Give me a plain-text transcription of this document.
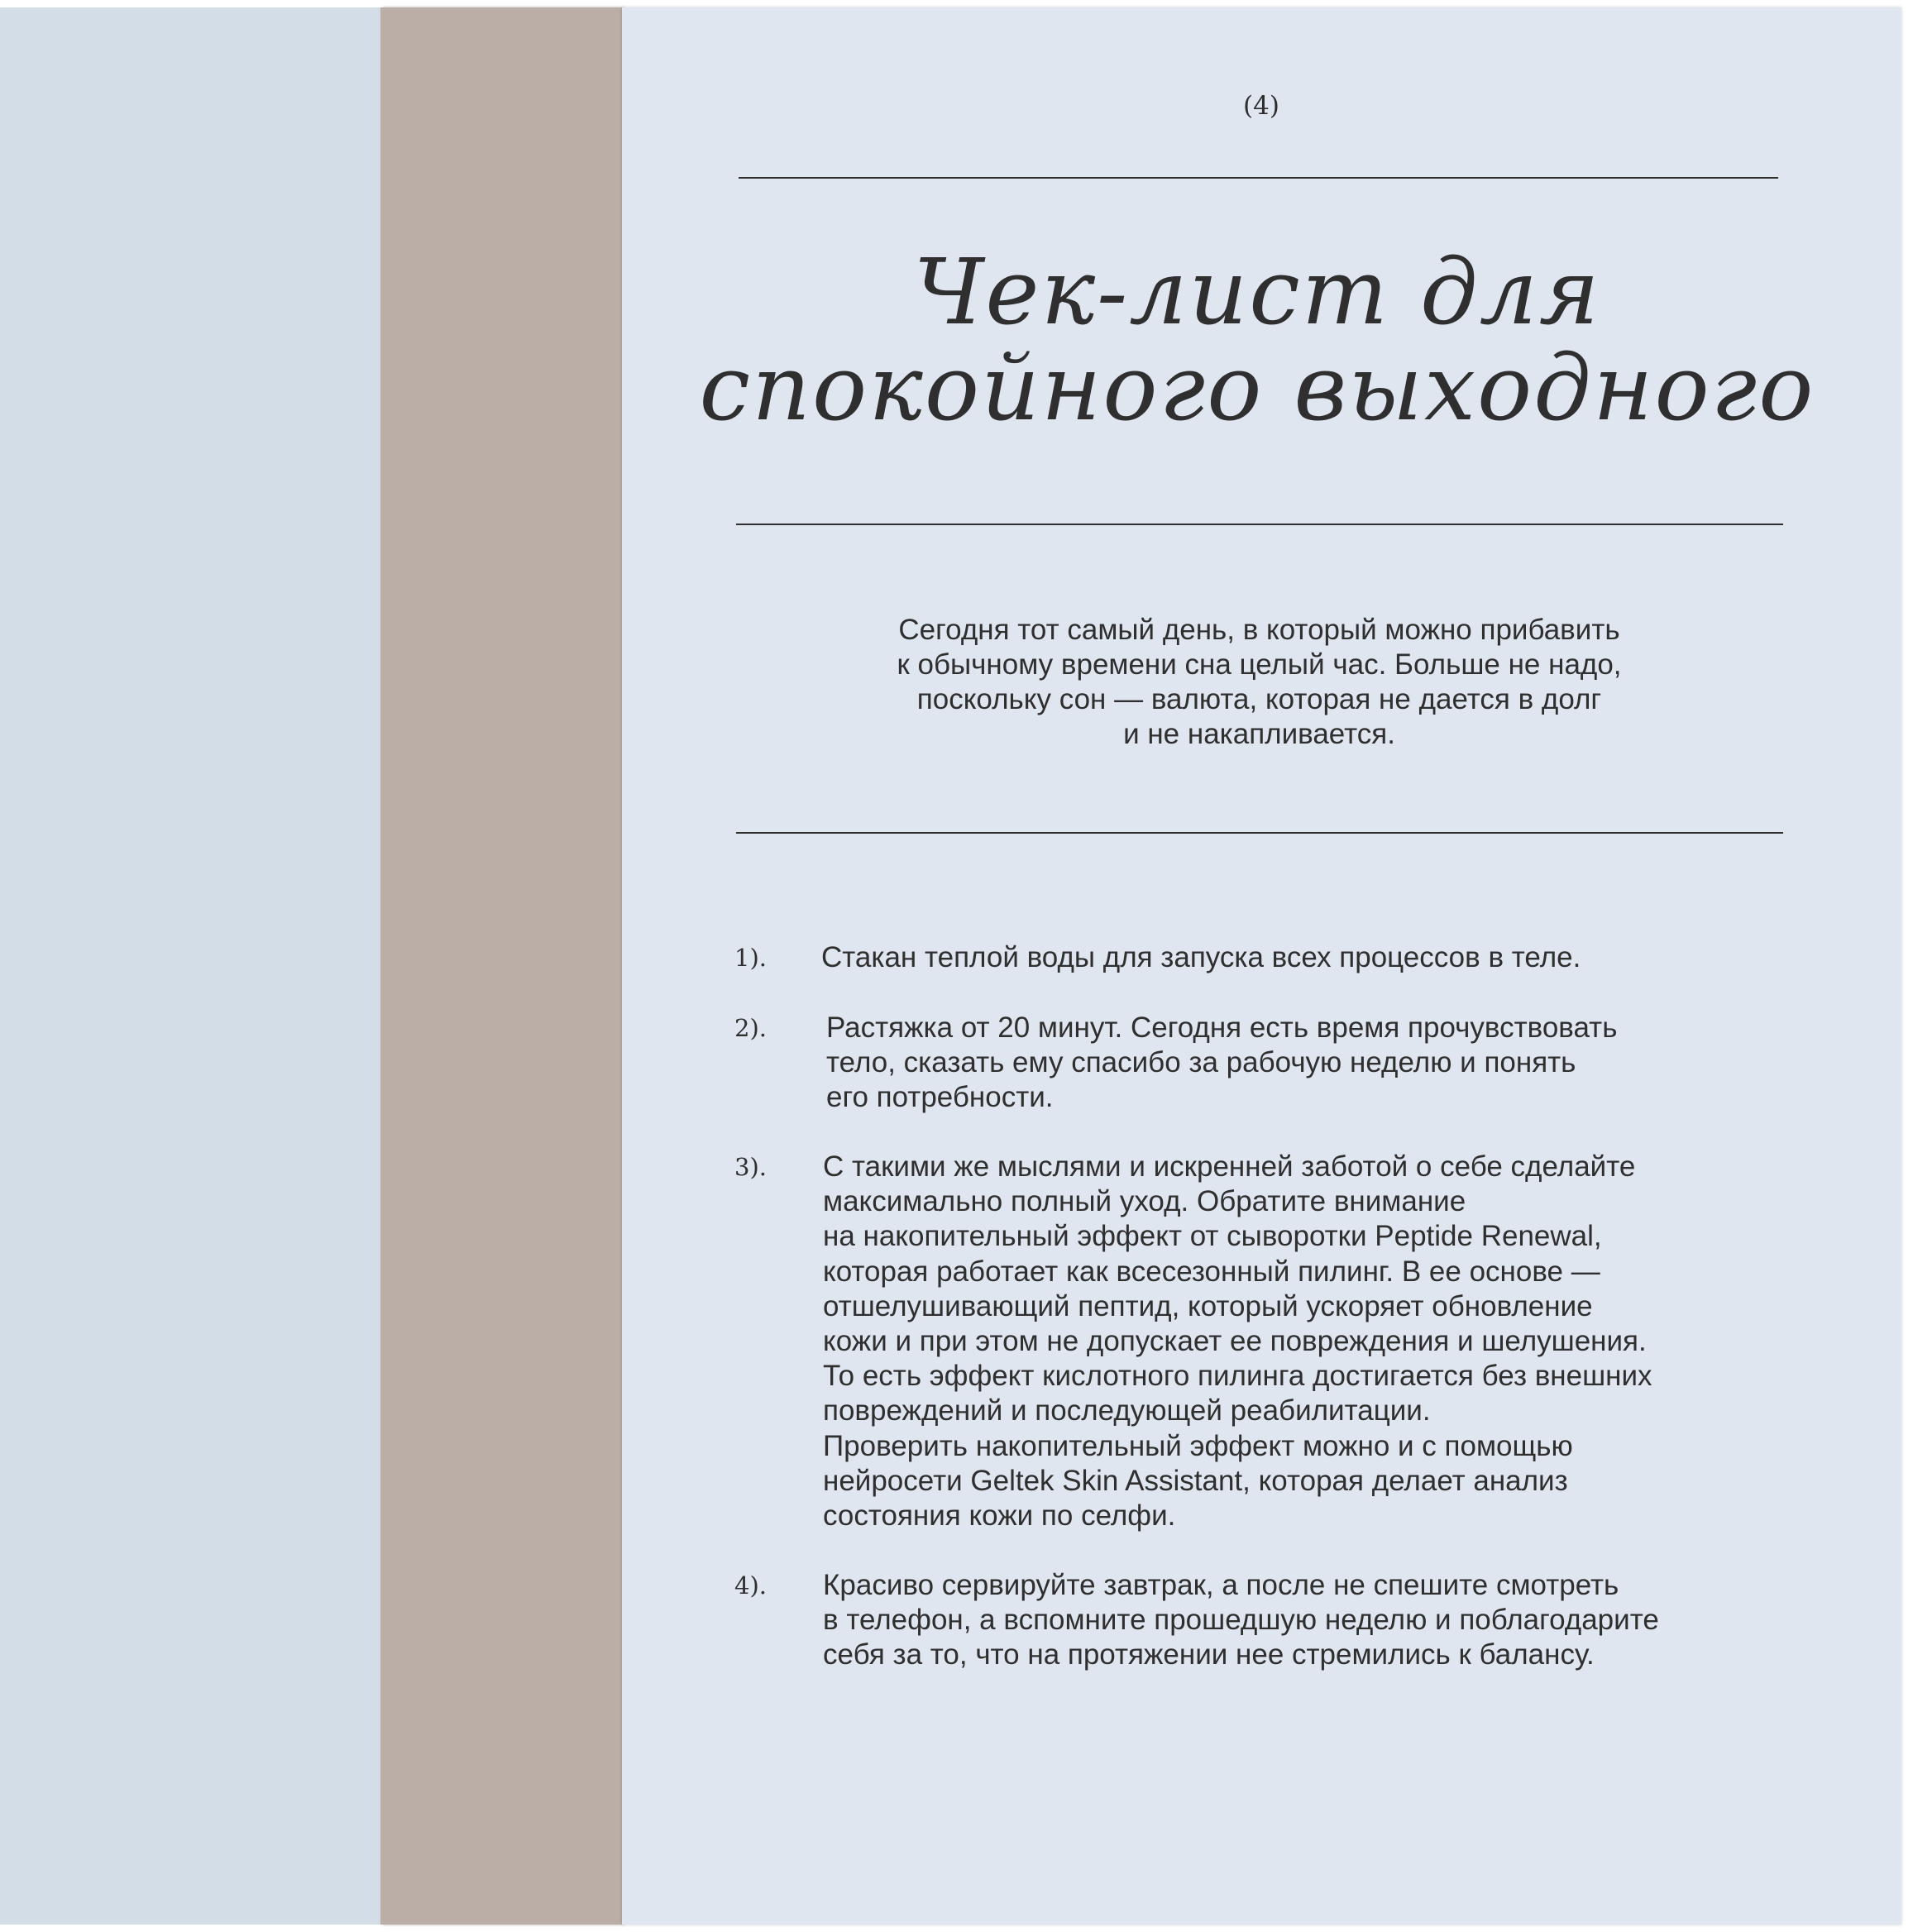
(4)
Чек-лист для
спокойного выходного
Сегодня тот самый день, в который можно прибавить
к обычному времени сна целый час. Больше не надо,
поскольку сон — валюта, которая не дается в долг
и не накапливается.
1). Стакан теплой воды для запуска всех процессов в теле.
2). Растяжка от 20 минут. Сегодня есть время прочувствовать
тело, сказать ему спасибо за рабочую неделю и понять
его потребности.
3). С такими же мыслями и искренней заботой о себе сделайте
максимально полный уход. Обратите внимание
на накопительный эффект от сыворотки Peptide Renewal,
которая работает как всесезонный пилинг. В ее основе —
отшелушивающий пептид, который ускоряет обновление
кожи и при этом не допускает ее повреждения и шелушения.
То есть эффект кислотного пилинга достигается без внешних
повреждений и последующей реабилитации.
Проверить накопительный эффект можно и с помощью
нейросети Geltek Skin Assistant, которая делает анализ
состояния кожи по селфи.
4). Красиво сервируйте завтрак, а после не спешите смотреть
в телефон, а вспомните прошедшую неделю и поблагодарите
себя за то, что на протяжении нее стремились к балансу.
